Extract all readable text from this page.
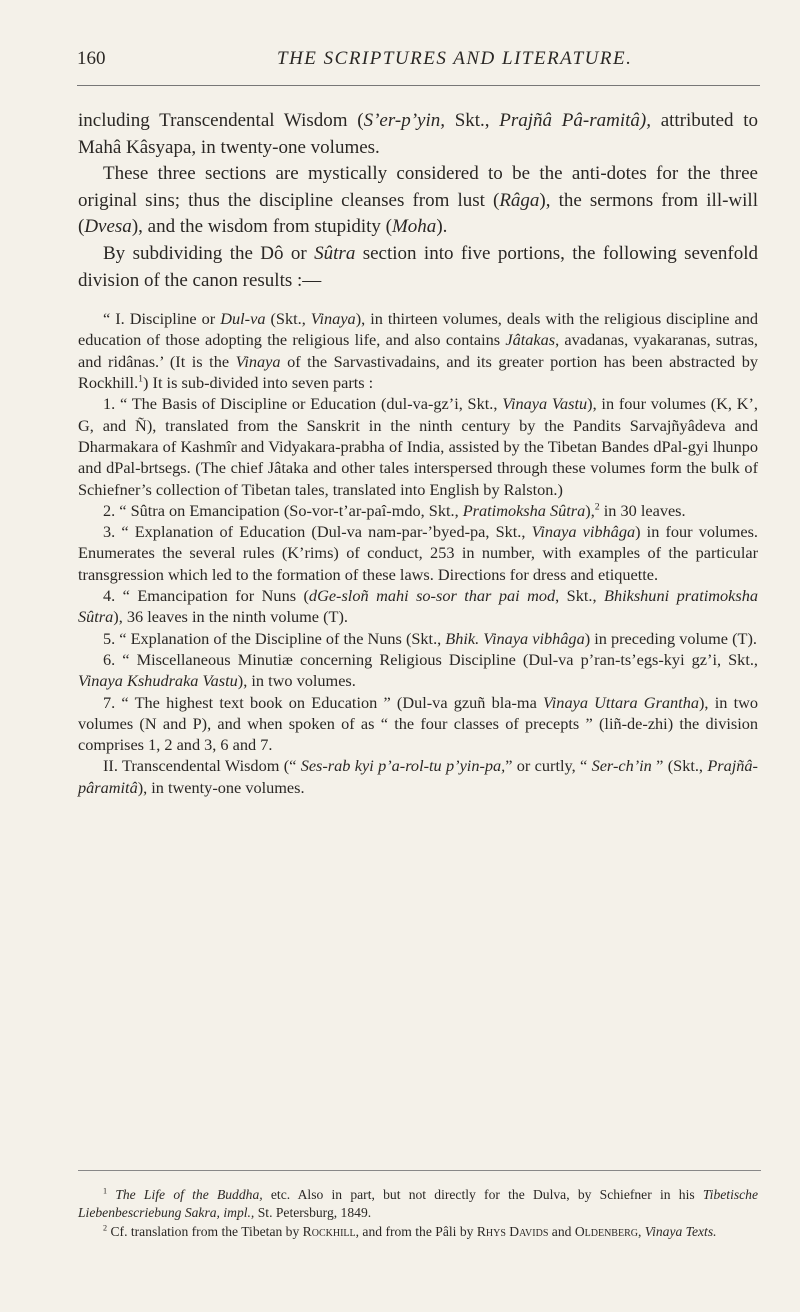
160	THE SCRIPTURES AND LITERATURE.

including Transcendental Wisdom (S’er-p’yin, Skt., Prajñâ Pâ-ramitâ), attributed to Mahâ Kâsyapa, in twenty-one volumes.

These three sections are mystically considered to be the anti-dotes for the three original sins; thus the discipline cleanses from lust (Râga), the sermons from ill-will (Dvesa), and the wisdom from stupidity (Moha).

By subdividing the Dô or Sûtra section into five portions, the following sevenfold division of the canon results :—

“ I. Discipline or Dul-va (Skt., Vinaya), in thirteen volumes, deals with the religious discipline and education of those adopting the religious life, and also contains Jâtakas, avadanas, vyakaranas, sutras, and ridânas.’ (It is the Vinaya of the Sarvastivadains, and its greater portion has been abstracted by Rockhill.$^1$) It is sub-divided into seven parts :

1. “ The Basis of Discipline or Education (dul-va-gz’i, Skt., Vinaya Vastu), in four volumes (K, K’, G, and Ñ), translated from the Sanskrit in the ninth century by the Pandits Sarvajñyâdeva and Dharmakara of Kashmîr and Vidyakara-prabha of India, assisted by the Tibetan Bandes dPal-gyi lhunpo and dPal-brtsegs. (The chief Jâtaka and other tales interspersed through these volumes form the bulk of Schiefner’s collection of Tibetan tales, translated into English by Ralston.)

2. “ Sûtra on Emancipation (So-vor-t’ar-paî-mdo, Skt., Pratimoksha Sûtra),$^2$ in 30 leaves.

3. “ Explanation of Education (Dul-va nam-par-’byed-pa, Skt., Vinaya vibhâga) in four volumes. Enumerates the several rules (K’rims) of conduct, 253 in number, with examples of the particular transgression which led to the formation of these laws. Directions for dress and etiquette.

4. “ Emancipation for Nuns (dGe-sloñ mahi so-sor thar pai mod, Skt., Bhikshuni pratimoksha Sûtra), 36 leaves in the ninth volume (T).

5. “ Explanation of the Discipline of the Nuns (Skt., Bhik. Vinaya vibhâga) in preceding volume (T).

6. “ Miscellaneous Minutiæ concerning Religious Discipline (Dul-va p’ran-ts’egs-kyi gz’i, Skt., Vinaya Kshudraka Vastu), in two volumes.

7. “ The highest text book on Education ” (Dul-va gzuñ bla-ma Vinaya Uttara Grantha), in two volumes (N and P), and when spoken of as “ the four classes of precepts ” (liñ-de-zhi) the division comprises 1, 2 and 3, 6 and 7.

II. Transcendental Wisdom (“ Ses-rab kyi p’a-rol-tu p’yin-pa,” or curtly, “ Ser-ch’in ” (Skt., Prajñâ-pâramitâ), in twenty-one volumes.

$^1$ The Life of the Buddha, etc. Also in part, but not directly for the Dulva, by Schiefner in his Tibetische Liebenbescriebung Sakra, impl., St. Petersburg, 1849.

$^2$ Cf. translation from the Tibetan by Rockhill, and from the Pâli by Rhys Davids and Oldenberg, Vinaya Texts.
